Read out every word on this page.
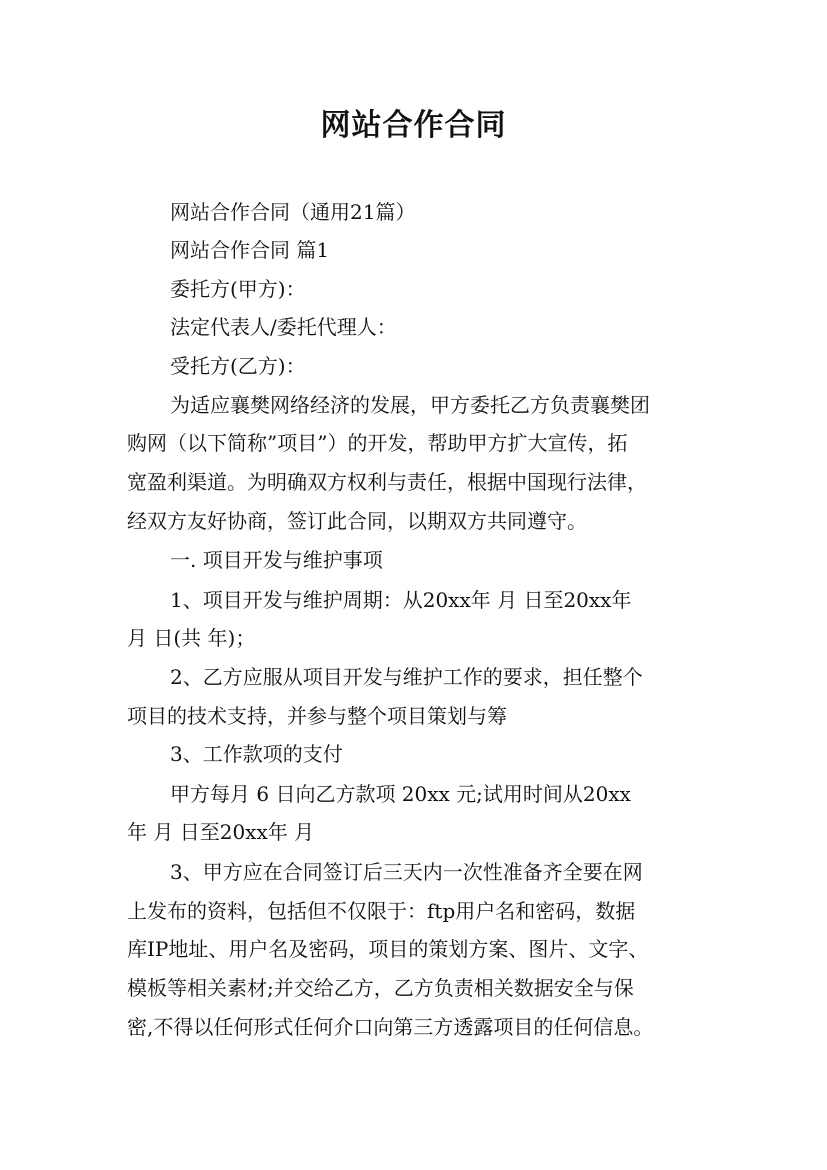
网站合作合同
网站合作合同（通用21篇）
网站合作合同 篇1
委托方(甲方)：
法定代表人/委托代理人：
受托方(乙方)：
为适应襄樊网络经济的发展，甲方委托乙方负责襄樊团
购网（以下简称”项目”）的开发，帮助甲方扩大宣传，拓
宽盈利渠道。为明确双方权利与责任，根据中国现行法律，
经双方友好协商，签订此合同，以期双方共同遵守。
一. 项目开发与维护事项
1、项目开发与维护周期：从20xx年 月 日至20xx年
月 日(共 年)；
2、乙方应服从项目开发与维护工作的要求，担任整个
项目的技术支持，并参与整个项目策划与筹
3、工作款项的支付
甲方每月 6 日向乙方款项 20xx 元;试用时间从20xx
年 月 日至20xx年 月
3、甲方应在合同签订后三天内一次性准备齐全要在网
上发布的资料，包括但不仅限于：ftp用户名和密码，数据
库IP地址、用户名及密码，项目的策划方案、图片、文字、
模板等相关素材;并交给乙方，乙方负责相关数据安全与保
密,不得以任何形式任何介口向第三方透露项目的任何信息。
